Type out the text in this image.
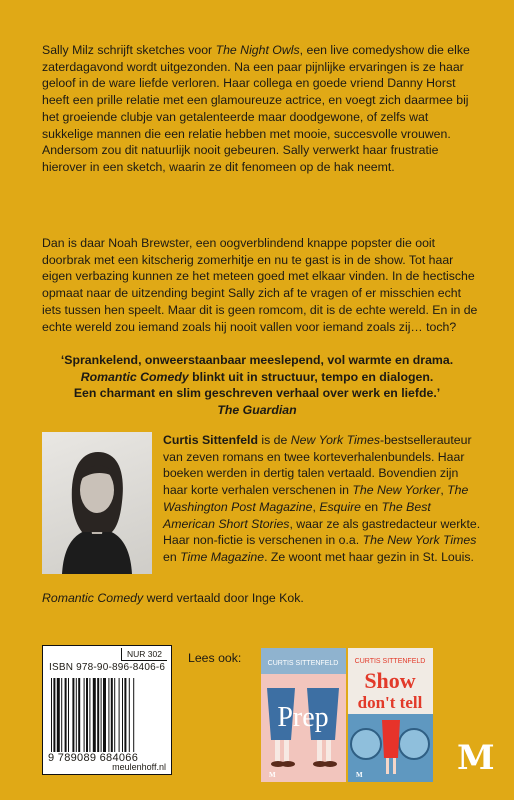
Sally Milz schrijft sketches voor The Night Owls, een live comedyshow die elke zaterdagavond wordt uitgezonden. Na een paar pijnlijke ervaringen is ze haar geloof in de ware liefde verloren. Haar collega en goede vriend Danny Horst heeft een prille relatie met een glamoureuze actrice, en voegt zich daarmee bij het groeiende clubje van getalenteerde maar doodgewone, of zelfs wat sukkelige mannen die een relatie hebben met mooie, succesvolle vrouwen. Andersom zou dit natuurlijk nooit gebeuren. Sally verwerkt haar frustratie hierover in een sketch, waarin ze dit fenomeen op de hak neemt.

Dan is daar Noah Brewster, een oogverblindend knappe popster die ooit doorbrak met een kitscherig zomerhitje en nu te gast is in de show. Tot haar eigen verbazing kunnen ze het meteen goed met elkaar vinden. In de hectische opmaat naar de uitzending begint Sally zich af te vragen of er misschien echt iets tussen hen speelt. Maar dit is geen romcom, dit is de echte wereld. En in de echte wereld zou iemand zoals hij nooit vallen voor iemand zoals zij… toch?

‘Sprankelend, onweerstaanbaar meeslepend, vol warmte en drama.
Romantic Comedy blinkt uit in structuur, tempo en dialogen.
Een charmant en slim geschreven verhaal over werk en liefde.’
The Guardian

Curtis Sittenfeld is de New York Times-bestsellerauteur van zeven romans en twee korteverhalenbundels. Haar boeken werden in dertig talen vertaald. Bovendien zijn haar korte verhalen verschenen in The New Yorker, The Washington Post Magazine, Esquire en The Best American Short Stories, waar ze als gastredacteur werkte. Haar non-fictie is verschenen in o.a. The New York Times en Time Magazine. Ze woont met haar gezin in St. Louis.

Romantic Comedy werd vertaald door Inge Kok.

NUR 302
ISBN 978-90-896-8406-6
9 789089 684066
meulenhoff.nl
Lees ook:	CURTIS SITTENFELD
Prep
M
CURTIS SITTENFELD
Show
don't tell
M	M
